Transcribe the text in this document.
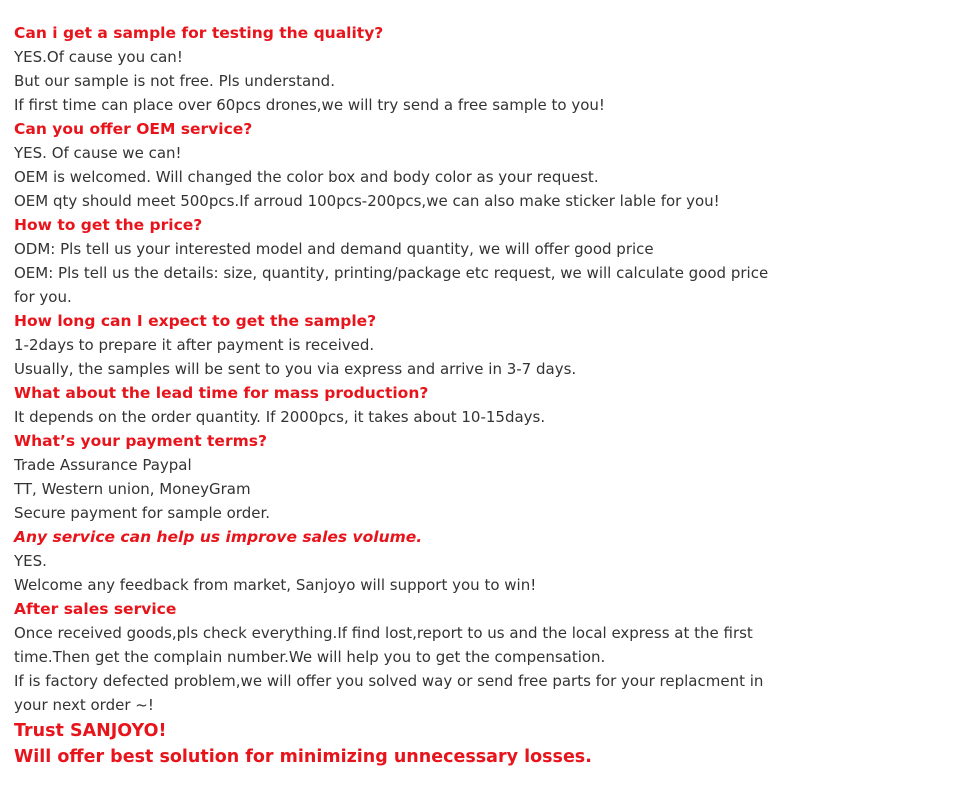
Can i get a sample for testing the quality?
YES.Of cause you can!
But our sample is not free. Pls understand.
If first time can place over 60pcs drones,we will try send a free sample to you!
Can you offer OEM service?
YES. Of cause we can!
OEM is welcomed. Will changed the color box and body color as your request.
OEM qty should meet 500pcs.If arroud 100pcs-200pcs,we can also make sticker lable for you!
How to get the price?
ODM: Pls tell us your interested model and demand quantity, we will offer good price
OEM: Pls tell us the details: size, quantity, printing/package etc request, we will calculate good price for you.
How long can I expect to get the sample?
1-2days to prepare it after payment is received.
Usually, the samples will be sent to you via express and arrive in 3-7 days.
What about the lead time for mass production?
It depends on the order quantity. If 2000pcs, it takes about 10-15days.
What’s your payment terms?
Trade Assurance Paypal
TT, Western union, MoneyGram
Secure payment for sample order.
Any service can help us improve sales volume.
YES.
Welcome any feedback from market, Sanjoyo will support you to win!
After sales service
Once received goods,pls check everything.If find lost,report to us and the local express at the first time.Then get the complain number.We will help you to get the compensation.
If is factory defected problem,we will offer you solved way or send free parts for your replacment in your next order ~!
Trust SANJOYO!
Will offer best solution for minimizing unnecessary losses.
